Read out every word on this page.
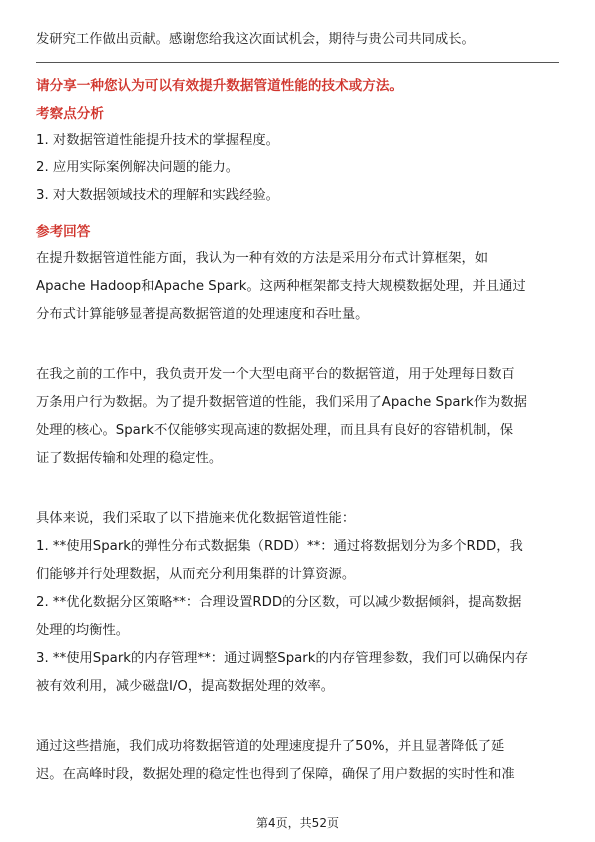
发研究工作做出贡献。感谢您给我这次面试机会，期待与贵公司共同成长。
请分享一种您认为可以有效提升数据管道性能的技术或方法。
考察点分析
1. 对数据管道性能提升技术的掌握程度。
2. 应用实际案例解决问题的能力。
3. 对大数据领域技术的理解和实践经验。
参考回答
在提升数据管道性能方面，我认为一种有效的方法是采用分布式计算框架，如
Apache Hadoop和Apache Spark。这两种框架都支持大规模数据处理，并且通过
分布式计算能够显著提高数据管道的处理速度和吞吐量。
在我之前的工作中，我负责开发一个大型电商平台的数据管道，用于处理每日数百
万条用户行为数据。为了提升数据管道的性能，我们采用了Apache Spark作为数据
处理的核心。Spark不仅能够实现高速的数据处理，而且具有良好的容错机制，保
证了数据传输和处理的稳定性。
具体来说，我们采取了以下措施来优化数据管道性能：
1. **使用Spark的弹性分布式数据集（RDD）**：通过将数据划分为多个RDD，我
们能够并行处理数据，从而充分利用集群的计算资源。
2. **优化数据分区策略**：合理设置RDD的分区数，可以减少数据倾斜，提高数据
处理的均衡性。
3. **使用Spark的内存管理**：通过调整Spark的内存管理参数，我们可以确保内存
被有效利用，减少磁盘I/O，提高数据处理的效率。
通过这些措施，我们成功将数据管道的处理速度提升了50%，并且显著降低了延
迟。在高峰时段，数据处理的稳定性也得到了保障，确保了用户数据的实时性和准
第4页，共52页
